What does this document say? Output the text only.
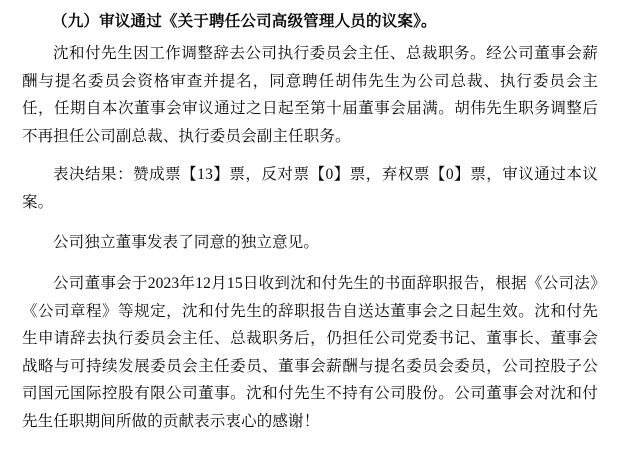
（九）审议通过《关于聘任公司高级管理人员的议案》。
沈和付先生因工作调整辞去公司执行委员会主任、总裁职务。经公司董事会薪酬与提名委员会资格审查并提名，同意聘任胡伟先生为公司总裁、执行委员会主任，任期自本次董事会审议通过之日起至第十届董事会届满。胡伟先生职务调整后不再担任公司副总裁、执行委员会副主任职务。
表决结果：赞成票【13】票，反对票【0】票，弃权票【0】票，审议通过本议案。
公司独立董事发表了同意的独立意见。
公司董事会于2023年12月15日收到沈和付先生的书面辞职报告，根据《公司法》《公司章程》等规定，沈和付先生的辞职报告自送达董事会之日起生效。沈和付先生申请辞去执行委员会主任、总裁职务后，仍担任公司党委书记、董事长、董事会战略与可持续发展委员会主任委员、董事会薪酬与提名委员会委员，公司控股子公司国元国际控股有限公司董事。沈和付先生不持有公司股份。公司董事会对沈和付先生任职期间所做的贡献表示衷心的感谢！
